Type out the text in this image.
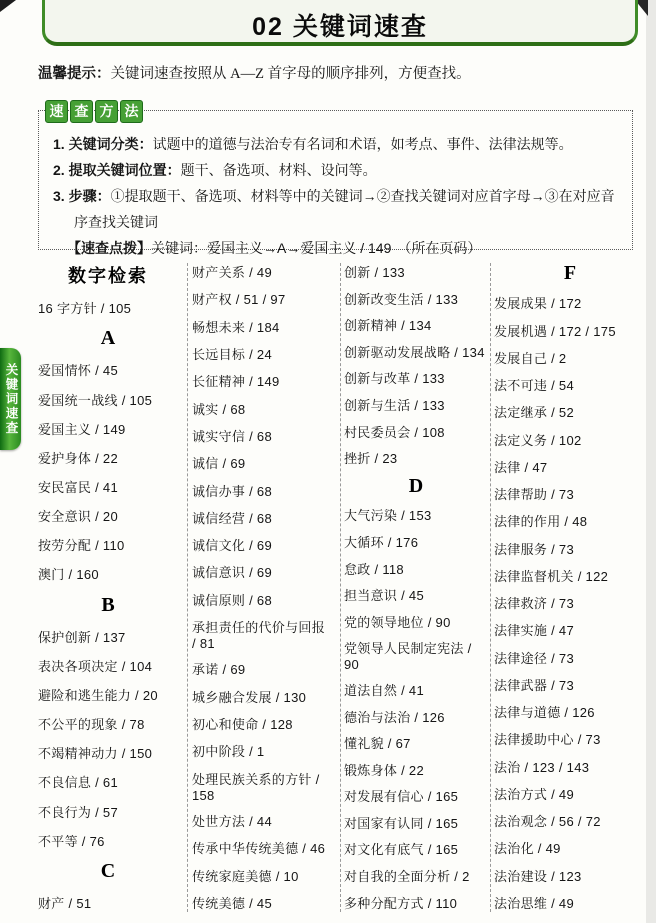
02 关键词速查
温馨提示：关键词速查按照从 A—Z 首字母的顺序排列，方便查找。
速 查 方 法
1. 关键词分类：试题中的道德与法治专有名词和术语，如考点、事件、法律法规等。
2. 提取关键词位置：题干、备选项、材料、设问等。
3. 步骤：①提取题干、备选项、材料等中的关键词→②查找关键词对应首字母→③在对应音序查找关键词
【速查点拨】关键词：爱国主义→A→爱国主义 / 149 （所在页码）
关键词速查
数字检索
16 字方针 / 105
A
爱国情怀 / 45
爱国统一战线 / 105
爱国主义 / 149
爱护身体 / 22
安民富民 / 41
安全意识 / 20
按劳分配 / 110
澳门 / 160
B
保护创新 / 137
表决各项决定 / 104
避险和逃生能力 / 20
不公平的现象 / 78
不竭精神动力 / 150
不良信息 / 61
不良行为 / 57
不平等 / 76
C
财产 / 51
财产关系 / 49
财产权 / 51 / 97
畅想未来 / 184
长远目标 / 24
长征精神 / 149
诚实 / 68
诚实守信 / 68
诚信 / 69
诚信办事 / 68
诚信经营 / 68
诚信文化 / 69
诚信意识 / 69
诚信原则 / 68
承担责任的代价与回报
/ 81
承诺 / 69
城乡融合发展 / 130
初心和使命 / 128
初中阶段 / 1
处理民族关系的方针 /
158
处世方法 / 44
传承中华传统美德 / 46
传统家庭美德 / 10
传统美德 / 45
创新 / 133
创新改变生活 / 133
创新精神 / 134
创新驱动发展战略 / 134
创新与改革 / 133
创新与生活 / 133
村民委员会 / 108
挫折 / 23
D
大气污染 / 153
大循环 / 176
怠政 / 118
担当意识 / 45
党的领导地位 / 90
党领导人民制定宪法 / 90
道法自然 / 41
德治与法治 / 126
懂礼貌 / 67
锻炼身体 / 22
对发展有信心 / 165
对国家有认同 / 165
对文化有底气 / 165
对自我的全面分析 / 2
多种分配方式 / 110
F
发展成果 / 172
发展机遇 / 172 / 175
发展自己 / 2
法不可违 / 54
法定继承 / 52
法定义务 / 102
法律 / 47
法律帮助 / 73
法律的作用 / 48
法律服务 / 73
法律监督机关 / 122
法律救济 / 73
法律实施 / 47
法律途径 / 73
法律武器 / 73
法律与道德 / 126
法律援助中心 / 73
法治 / 123 / 143
法治方式 / 49
法治观念 / 56 / 72
法治化 / 49
法治建设 / 123
法治思维 / 49
